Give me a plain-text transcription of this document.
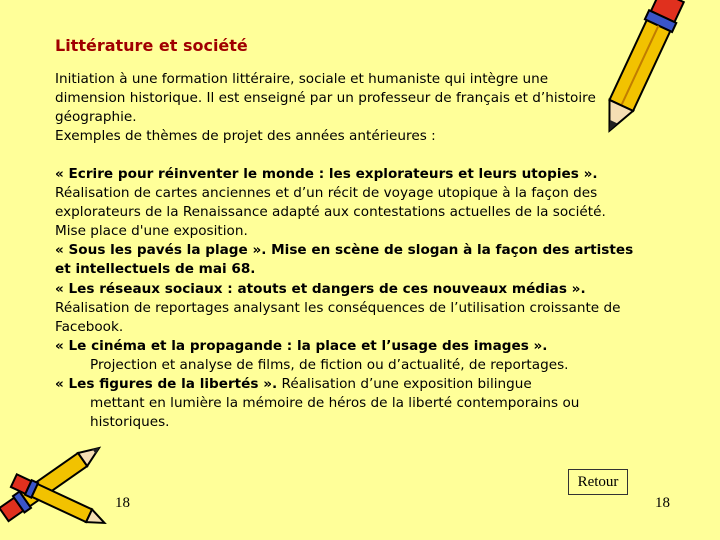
Littérature et société
Initiation à une formation littéraire, sociale et humaniste qui intègre une
dimension historique. Il est enseigné par un professeur de français et d’histoire
géographie.
Exemples de thèmes de projet des années antérieures :
« Ecrire pour réinventer le monde : les explorateurs et leurs utopies ».
Réalisation de cartes anciennes et d’un récit de voyage utopique à la façon des
explorateurs de la Renaissance adapté aux contestations actuelles de la société.
Mise place d'une exposition.
« Sous les pavés la plage ». Mise en scène de slogan à la façon des artistes
et intellectuels de mai 68.
« Les réseaux sociaux : atouts et dangers de ces nouveaux médias ».
Réalisation de reportages analysant les conséquences de l’utilisation croissante de
Facebook.
« Le cinéma et la propagande : la place et l’usage des images ».

Projection et analyse de films, de fiction ou d’actualité, de reportages.
« Les figures de la libertés ». Réalisation d’une exposition bilingue
mettant en lumière la mémoire de héros de la liberté contemporains ou
historiques.
Retour
18	18
